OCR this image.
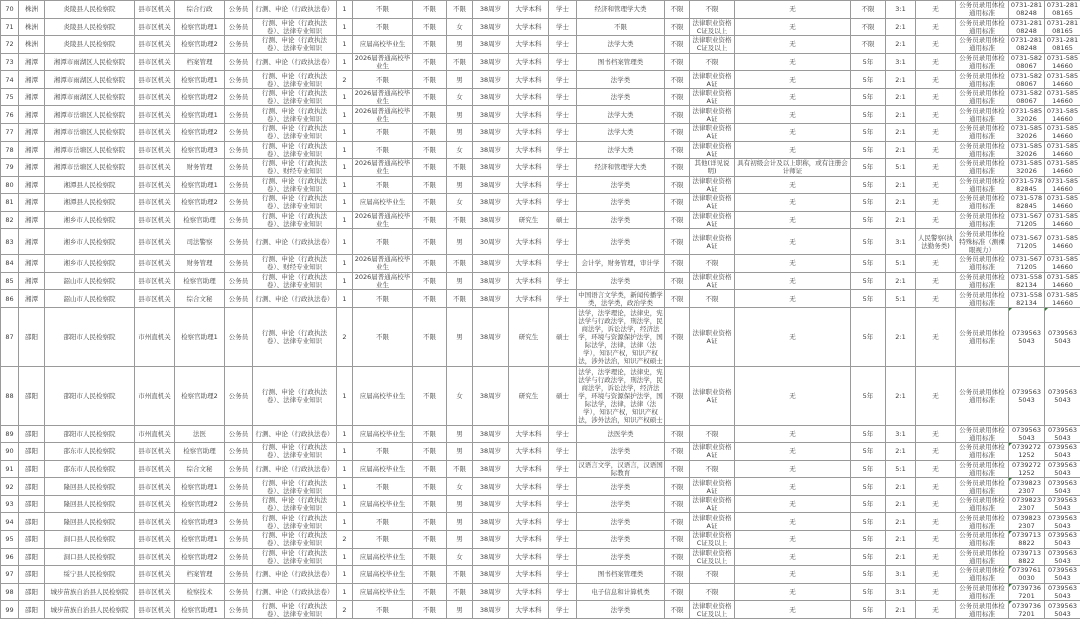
70	株洲	炎陵县人民检察院	县市区机关	综合行政	公务员	行测、申论（行政执法卷）	1	不限	不限	不限	38周岁	大学本科	学士	经济和管理学大类	不限	不限	无	不限	3:1	无	公务员录用体检通用标准	0731-28108248	0731-28108165
71	株洲	炎陵县人民检察院	县市区机关	检察官助理1	公务员	行测、申论（行政执法卷）、法律专业知识	1	不限	不限	女	38周岁	大学本科	学士	不限	不限	法律职业资格C证及以上	无	不限	2:1	无	公务员录用体检通用标准	0731-28108248	0731-28108165
72	株洲	炎陵县人民检察院	县市区机关	检察官助理2	公务员	行测、申论（行政执法卷）、法律专业知识	1	应届高校毕业生	不限	男	38周岁	大学本科	学士	法学大类	不限	法律职业资格C证及以上	无	不限	2:1	无	公务员录用体检通用标准	0731-28108248	0731-28108165
73	湘潭	湘潭市雨湖区人民检察院	县市区机关	档案管理	公务员	行测、申论（行政执法卷）	1	2026届普通高校毕业生	不限	不限	38周岁	大学本科	学士	图书档案管理类	不限	不限	无	5年	3:1	无	公务员录用体检通用标准	0731-58208067	0731-58514660
74	湘潭	湘潭市雨湖区人民检察院	县市区机关	检察官助理1	公务员	行测、申论（行政执法卷）、法律专业知识	2	不限	不限	男	38周岁	大学本科	学士	法学类	不限	法律职业资格A证	无	5年	2:1	无	公务员录用体检通用标准	0731-58208067	0731-58514660
75	湘潭	湘潭市雨湖区人民检察院	县市区机关	检察官助理2	公务员	行测、申论（行政执法卷）、法律专业知识	1	2026届普通高校毕业生	不限	女	38周岁	大学本科	学士	法学类	不限	法律职业资格A证	无	5年	2:1	无	公务员录用体检通用标准	0731-58208067	0731-58514660
76	湘潭	湘潭市岳塘区人民检察院	县市区机关	检察官助理1	公务员	行测、申论（行政执法卷）、法律专业知识	1	2026届普通高校毕业生	不限	男	38周岁	大学本科	学士	法学大类	不限	法律职业资格A证	无	5年	2:1	无	公务员录用体检通用标准	0731-58532026	0731-58514660
77	湘潭	湘潭市岳塘区人民检察院	县市区机关	检察官助理2	公务员	行测、申论（行政执法卷）、法律专业知识	1	不限	不限	男	38周岁	大学本科	学士	法学大类	不限	法律职业资格A证	无	5年	2:1	无	公务员录用体检通用标准	0731-58532026	0731-58514660
78	湘潭	湘潭市岳塘区人民检察院	县市区机关	检察官助理3	公务员	行测、申论（行政执法卷）、法律专业知识	1	不限	不限	女	38周岁	大学本科	学士	法学大类	不限	法律职业资格A证	无	5年	2:1	无	公务员录用体检通用标准	0731-58532026	0731-58514660
79	湘潭	湘潭市岳塘区人民检察院	县市区机关	财务管理	公务员	行测、申论（行政执法卷）、财经专业知识	1	2026届普通高校毕业生	不限	不限	38周岁	大学本科	学士	经济和管理学大类	不限	其他(详见说明)	具有初级会计及以上职称，或有注册会计师证	5年	5:1	无	公务员录用体检通用标准	0731-58532026	0731-58514660
80	湘潭	湘潭县人民检察院	县市区机关	检察官助理1	公务员	行测、申论（行政执法卷）、法律专业知识	1	不限	不限	男	38周岁	大学本科	学士	法学类	不限	法律职业资格A证	无	5年	2:1	无	公务员录用体检通用标准	0731-57882845	0731-58514660
81	湘潭	湘潭县人民检察院	县市区机关	检察官助理2	公务员	行测、申论（行政执法卷）、法律专业知识	1	应届高校毕业生	不限	女	38周岁	大学本科	学士	法学类	不限	法律职业资格A证	无	5年	2:1	无	公务员录用体检通用标准	0731-57882845	0731-58514660
82	湘潭	湘乡市人民检察院	县市区机关	检察官助理	公务员	行测、申论（行政执法卷）、法律专业知识	1	2026届普通高校毕业生	不限	不限	38周岁	研究生	硕士	法学类	不限	法律职业资格A证	无	5年	2:1	无	公务员录用体检通用标准	0731-56771205	0731-58514660
83	湘潭	湘乡市人民检察院	县市区机关	司法警察	公务员	行测、申论（行政执法卷）	1	不限	不限	男	30周岁	大学本科	学士	法学类	不限	法律职业资格A证	无	5年	3:1	人民警察(执法勤务类)	公务员录用体检特殊标准（测裸眼视力）	0731-56771205	0731-58514660
84	湘潭	湘乡市人民检察院	县市区机关	财务管理	公务员	行测、申论（行政执法卷）、财经专业知识	1	2026届普通高校毕业生	不限	不限	38周岁	大学本科	学士	会计学，财务管理，审计学	不限	不限	无	5年	5:1	无	公务员录用体检通用标准	0731-56771205	0731-58514660
85	湘潭	韶山市人民检察院	县市区机关	检察官助理	公务员	行测、申论（行政执法卷）、法律专业知识	1	2026届普通高校毕业生	不限	男	38周岁	大学本科	学士	法学类	不限	法律职业资格A证	无	5年	2:1	无	公务员录用体检通用标准	0731-55882134	0731-58514660
86	湘潭	韶山市人民检察院	县市区机关	综合文秘	公务员	行测、申论（行政执法卷）	1	不限	不限	不限	38周岁	大学本科	学士	中国语言文学类，新闻传播学类，法学类，政治学类	不限	不限	无	5年	5:1	无	公务员录用体检通用标准	0731-55882134	0731-58514660
87	邵阳	邵阳市人民检察院	市州直机关	检察官助理1	公务员	行测、申论（行政执法卷）、法律专业知识	2	不限	不限	男	38周岁	研究生	硕士	法学，法学理论，法律史，宪法学与行政法学，刑法学，民商法学，诉讼法学，经济法学，环境与资源保护法学，国际法学，法律，法律（法学），知识产权，知识产权法，涉外法治，知识产权硕士	不限	法律职业资格A证	无	5年	2:1	无	公务员录用体检通用标准	07395635043	07395635043
88	邵阳	邵阳市人民检察院	市州直机关	检察官助理2	公务员	行测、申论（行政执法卷）、法律专业知识	1	应届高校毕业生	不限	女	38周岁	研究生	硕士	法学，法学理论，法律史，宪法学与行政法学，刑法学，民商法学，诉讼法学，经济法学，环境与资源保护法学，国际法学，法律，法律（法学），知识产权，知识产权法，涉外法治，知识产权硕士	不限	法律职业资格A证	无	5年	2:1	无	公务员录用体检通用标准	07395635043	07395635043
89	邵阳	邵阳市人民检察院	市州直机关	法医	公务员	行测、申论（行政执法卷）	1	应届高校毕业生	不限	男	38周岁	大学本科	学士	法医学类	不限	不限	无	5年	3:1	无	公务员录用体检通用标准	07395635043	07395635043
90	邵阳	邵东市人民检察院	县市区机关	检察官助理	公务员	行测、申论（行政执法卷）、法律专业知识	1	不限	不限	男	38周岁	大学本科	学士	法学类	不限	法律职业资格A证	无	5年	2:1	无	公务员录用体检通用标准	07392721252	07395635043
91	邵阳	邵东市人民检察院	县市区机关	综合文秘	公务员	行测、申论（行政执法卷）	1	应届高校毕业生	不限	不限	38周岁	大学本科	学士	汉语言文学，汉语言，汉语国际教育	不限	不限	无	5年	5:1	无	公务员录用体检通用标准	07392721252	07395635043
92	邵阳	隆回县人民检察院	县市区机关	检察官助理1	公务员	行测、申论（行政执法卷）、法律专业知识	1	不限	不限	女	38周岁	大学本科	学士	法学类	不限	法律职业资格A证	无	5年	2:1	无	公务员录用体检通用标准	07398232307	07395635043
93	邵阳	隆回县人民检察院	县市区机关	检察官助理2	公务员	行测、申论（行政执法卷）、法律专业知识	1	应届高校毕业生	不限	男	38周岁	大学本科	学士	法学类	不限	法律职业资格A证	无	5年	2:1	无	公务员录用体检通用标准	07398232307	07395635043
94	邵阳	隆回县人民检察院	县市区机关	检察官助理3	公务员	行测、申论（行政执法卷）、法律专业知识	1	不限	不限	男	38周岁	大学本科	学士	法学类	不限	法律职业资格A证	无	5年	2:1	无	公务员录用体检通用标准	07398232307	07395635043
95	邵阳	洞口县人民检察院	县市区机关	检察官助理1	公务员	行测、申论（行政执法卷）、法律专业知识	2	不限	不限	男	38周岁	大学本科	学士	法学类	不限	法律职业资格C证及以上	无	5年	2:1	无	公务员录用体检通用标准	07397138822	07395635043
96	邵阳	洞口县人民检察院	县市区机关	检察官助理2	公务员	行测、申论（行政执法卷）、法律专业知识	1	应届高校毕业生	不限	女	38周岁	大学本科	学士	法学类	不限	法律职业资格C证及以上	无	5年	2:1	无	公务员录用体检通用标准	07397138822	07395635043
97	邵阳	绥宁县人民检察院	县市区机关	档案管理	公务员	行测、申论（行政执法卷）	1	应届高校毕业生	不限	不限	38周岁	大学本科	学士	图书档案管理类	不限	不限	无	5年	3:1	无	公务员录用体检通用标准	07397610030	07395635043
98	邵阳	城步苗族自治县人民检察院	县市区机关	检察技术	公务员	行测、申论（行政执法卷）	1	应届高校毕业生	不限	不限	38周岁	大学本科	学士	电子信息和计算机类	不限	不限	无	5年	3:1	无	公务员录用体检通用标准	07397367201	07395635043
99	邵阳	城步苗族自治县人民检察院	县市区机关	检察官助理1	公务员	行测、申论（行政执法卷）、法律专业知识	2	不限	不限	男	38周岁	大学本科	学士	法学类	不限	法律职业资格C证及以上	无	5年	2:1	无	公务员录用体检通用标准	07397367201	07395635043
